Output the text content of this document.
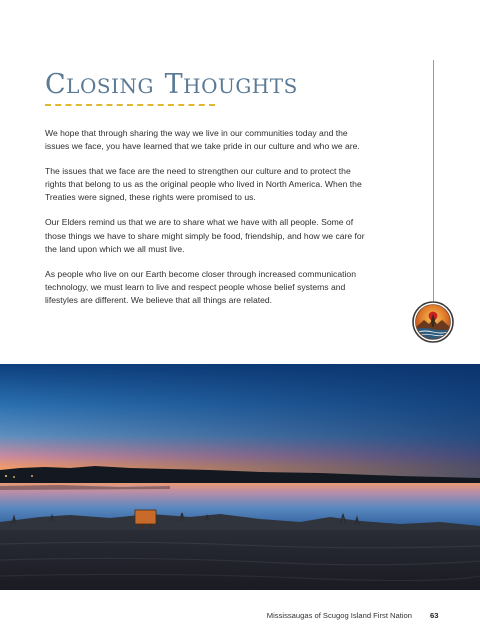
CLOSING THOUGHTS

We hope that through sharing the way we live in our communities today and the issues we face, you have learned that we take pride in our culture and who we are.

The issues that we face are the need to strengthen our culture and to protect the rights that belong to us as the original people who lived in North America. When the Treaties were signed, these rights were promised to us.

Our Elders remind us that we are to share what we have with all people. Some of those things we have to share might simply be food, friendship, and how we care for the land upon which we all must live.

As people who live on our Earth become closer through increased communication technology, we must learn to live and respect people whose belief systems and lifestyles are different. We believe that all things are related.

Mississaugas of Scugog Island First Nation 63
